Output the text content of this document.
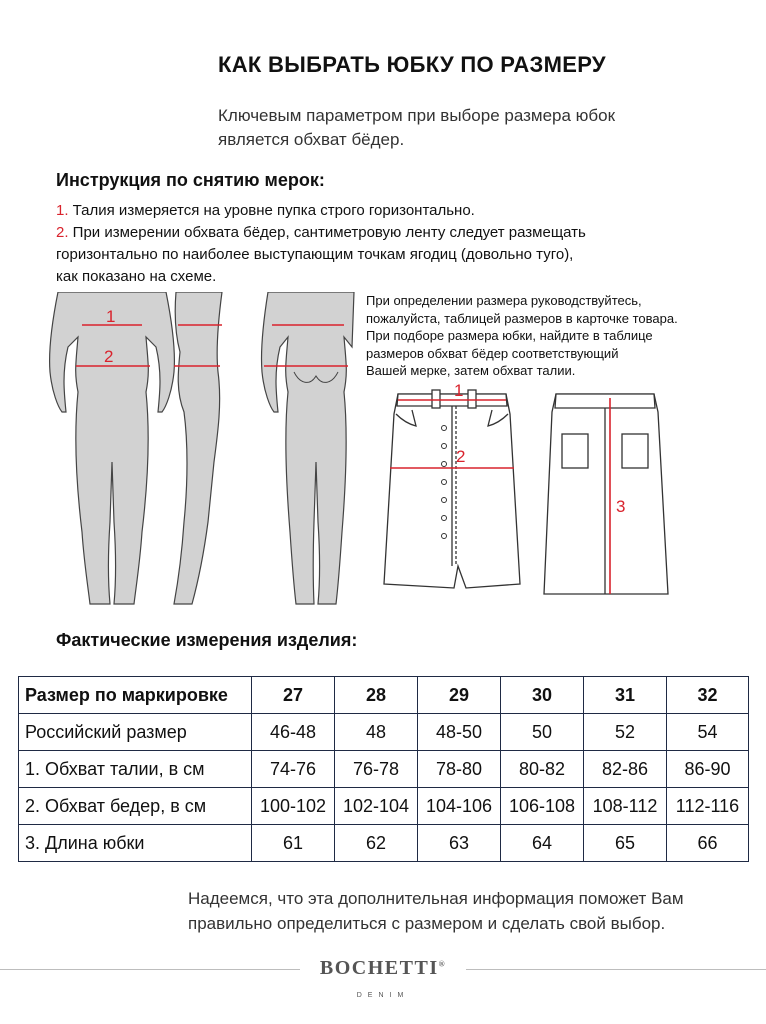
КАК ВЫБРАТЬ ЮБКУ ПО РАЗМЕРУ
Ключевым параметром при выборе размера юбок
является обхват бёдер.
Инструкция по снятию мерок:
1. Талия измеряется на уровне пупка строго горизонтально.
2. При измерении обхвата бёдер, сантиметровую ленту следует размещать
горизонтально по наиболее выступающим точкам ягодиц (довольно туго),
как показано на схеме.
1
2
При определении размера руководствуйтесь,
пожалуйста, таблицей размеров в карточке товара.
При подборе размера юбки, найдите в таблице
размеров обхват бёдер соответствующий
Вашей мерке, затем обхват талии.
1
2
3
Фактические измерения изделия:
Размер по маркировке	27	28	29	30	31	32
Российский размер	46-48	48	48-50	50	52	54
1. Обхват талии, в см	74-76	76-78	78-80	80-82	82-86	86-90
2. Обхват бедер, в см	100-102	102-104	104-106	106-108	108-112	112-116
3. Длина юбки	61	62	63	64	65	66
Надеемся, что эта дополнительная информация поможет Вам
правильно определиться с размером и сделать свой выбор.
BOCHETTI®
DENIM
